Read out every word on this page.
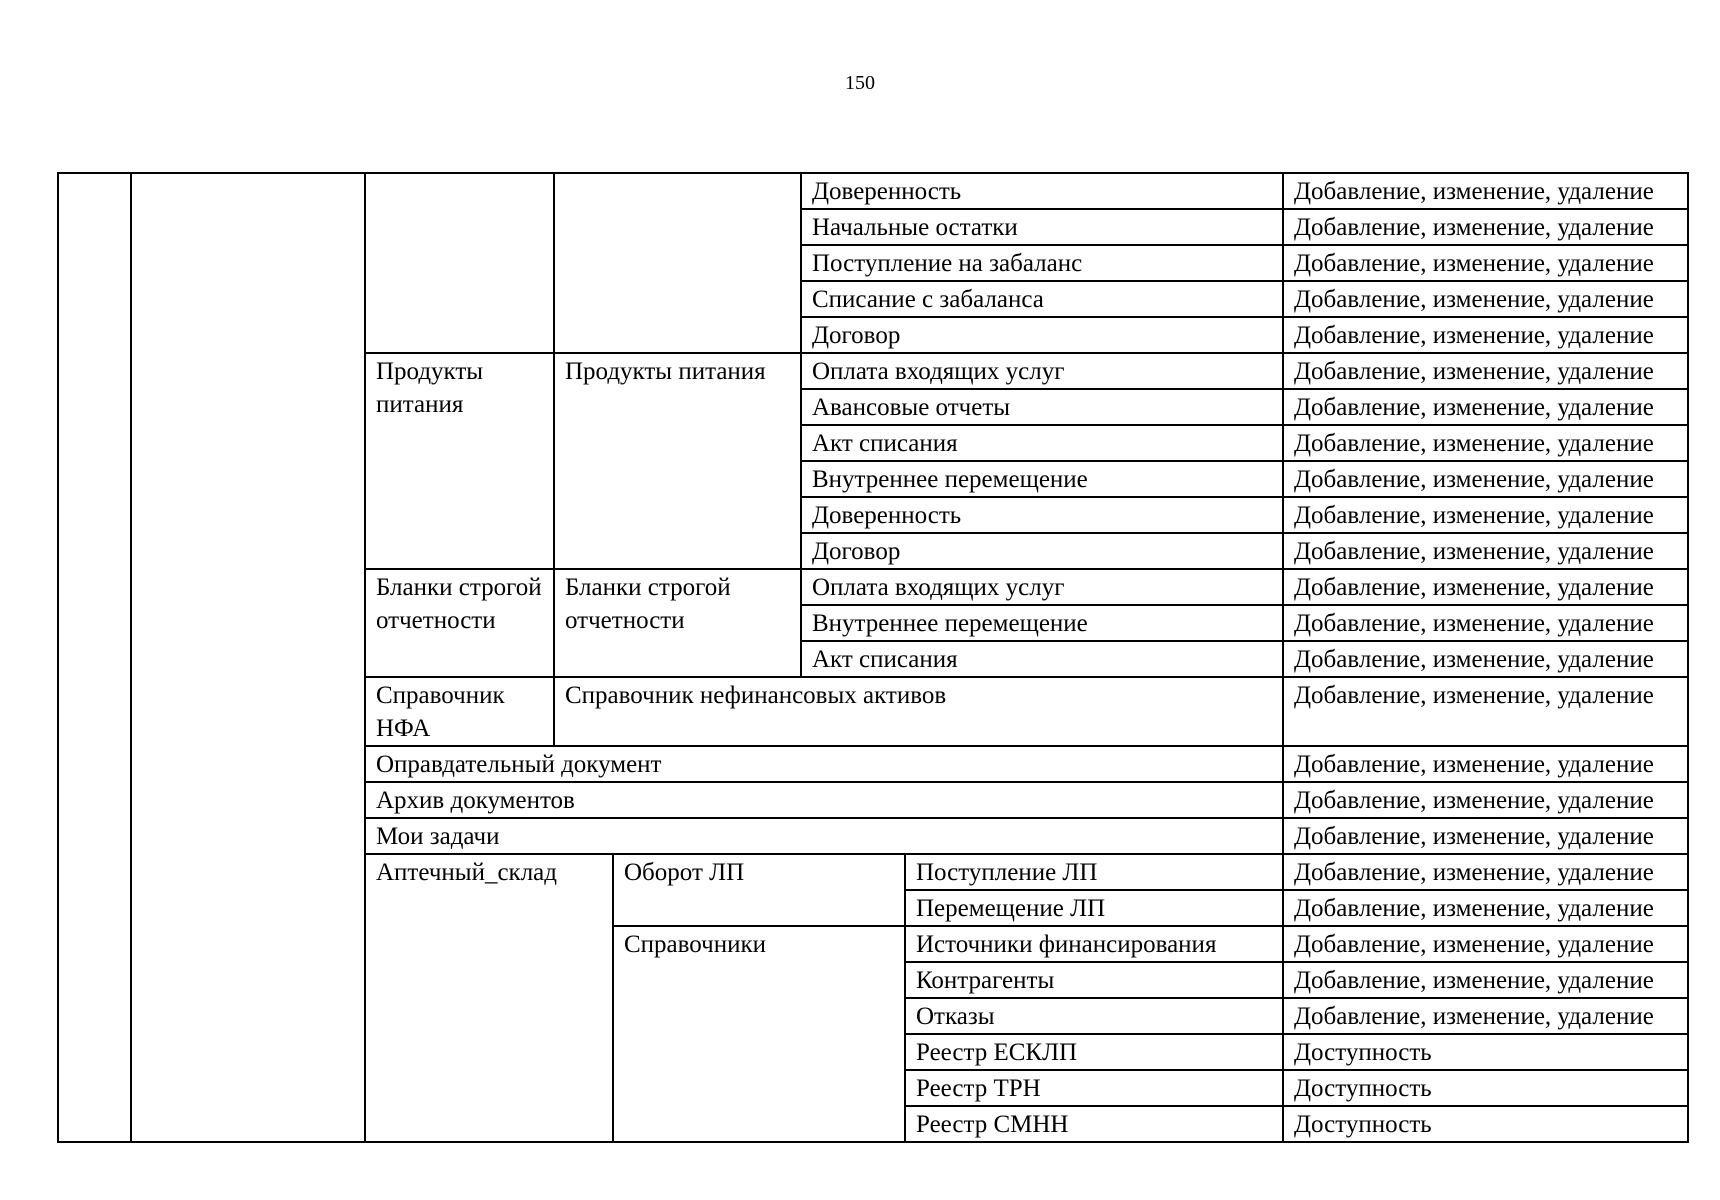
150
					Доверенность		Добавление, изменение, удаление
					Начальные остатки		Добавление, изменение, удаление
					Поступление на забаланс		Добавление, изменение, удаление
					Списание с забаланса		Добавление, изменение, удаление
					Договор		Добавление, изменение, удаление
		Продукты питания	Продукты питания		Оплата входящих услуг		Добавление, изменение, удаление
					Авансовые отчеты		Добавление, изменение, удаление
					Акт списания		Добавление, изменение, удаление
					Внутреннее перемещение		Добавление, изменение, удаление
					Доверенность		Добавление, изменение, удаление
					Договор		Добавление, изменение, удаление
		Бланки строгой отчетности	Бланки строгой отчетности		Оплата входящих услуг		Добавление, изменение, удаление
					Внутреннее перемещение		Добавление, изменение, удаление
					Акт списания		Добавление, изменение, удаление
		Справочник НФА	Справочник нефинансовых активов				Добавление, изменение, удаление
		Оправдательный документ					Добавление, изменение, удаление
		Архив документов					Добавление, изменение, удаление
		Мои задачи					Добавление, изменение, удаление
		Аптечный_склад		Оборот ЛП		Поступление ЛП	Добавление, изменение, удаление
						Перемещение ЛП	Добавление, изменение, удаление
				Справочники		Источники финансирования	Добавление, изменение, удаление
						Контрагенты	Добавление, изменение, удаление
						Отказы	Добавление, изменение, удаление
						Реестр ЕСКЛП	Доступность
						Реестр ТРН	Доступность
						Реестр СМНН	Доступность
